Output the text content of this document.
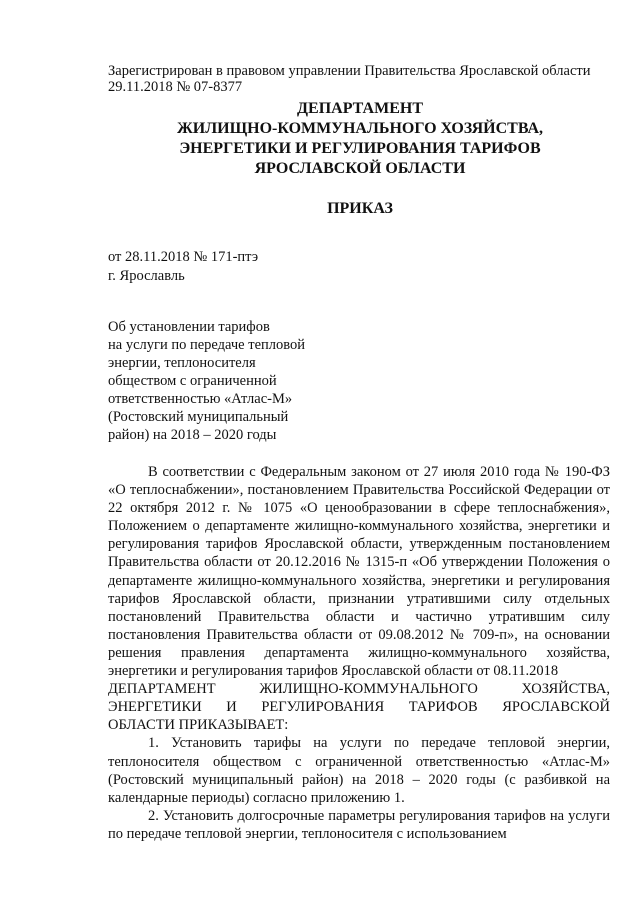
Зарегистрирован в правовом управлении Правительства Ярославской области
29.11.2018 № 07-8377
ДЕПАРТАМЕНТ
ЖИЛИЩНО-КОММУНАЛЬНОГО ХОЗЯЙСТВА,
ЭНЕРГЕТИКИ И РЕГУЛИРОВАНИЯ ТАРИФОВ
ЯРОСЛАВСКОЙ ОБЛАСТИ
ПРИКАЗ
от 28.11.2018 № 171-птэ
г. Ярославль
Об установлении тарифов
на услуги по передаче тепловой
энергии, теплоносителя
обществом с ограниченной
ответственностью «Атлас-М»
(Ростовский муниципальный
район) на 2018 – 2020 годы

В соответствии с Федеральным законом от 27 июля 2010 года № 190-ФЗ «О теплоснабжении», постановлением Правительства Российской Федерации от 22 октября 2012 г. № 1075 «О ценообразовании в сфере теплоснабжения», Положением о департаменте жилищно-коммунального хозяйства, энергетики и регулирования тарифов Ярославской области, утвержденным постановлением Правительства области от 20.12.2016 № 1315-п «Об утверждении Положения о департаменте жилищно-коммунального хозяйства, энергетики и регулирования тарифов Ярославской области, признании утратившими силу отдельных постановлений Правительства области и частично утратившим силу постановления Правительства области от 09.08.2012 № 709-п», на основании решения правления департамента жилищно-коммунального хозяйства, энергетики и регулирования тарифов Ярославской области от 08.11.2018

ДЕПАРТАМЕНТ ЖИЛИЩНО-КОММУНАЛЬНОГО ХОЗЯЙСТВА, ЭНЕРГЕТИКИ И РЕГУЛИРОВАНИЯ ТАРИФОВ ЯРОСЛАВСКОЙ

ОБЛАСТИ ПРИКАЗЫВАЕТ:

1. Установить тарифы на услуги по передаче тепловой энергии, теплоносителя обществом с ограниченной ответственностью «Атлас-М» (Ростовский муниципальный район) на 2018 – 2020 годы (с разбивкой на календарные периоды) согласно приложению 1.

2. Установить долгосрочные параметры регулирования тарифов на услуги по передаче тепловой энергии, теплоносителя с использованием
